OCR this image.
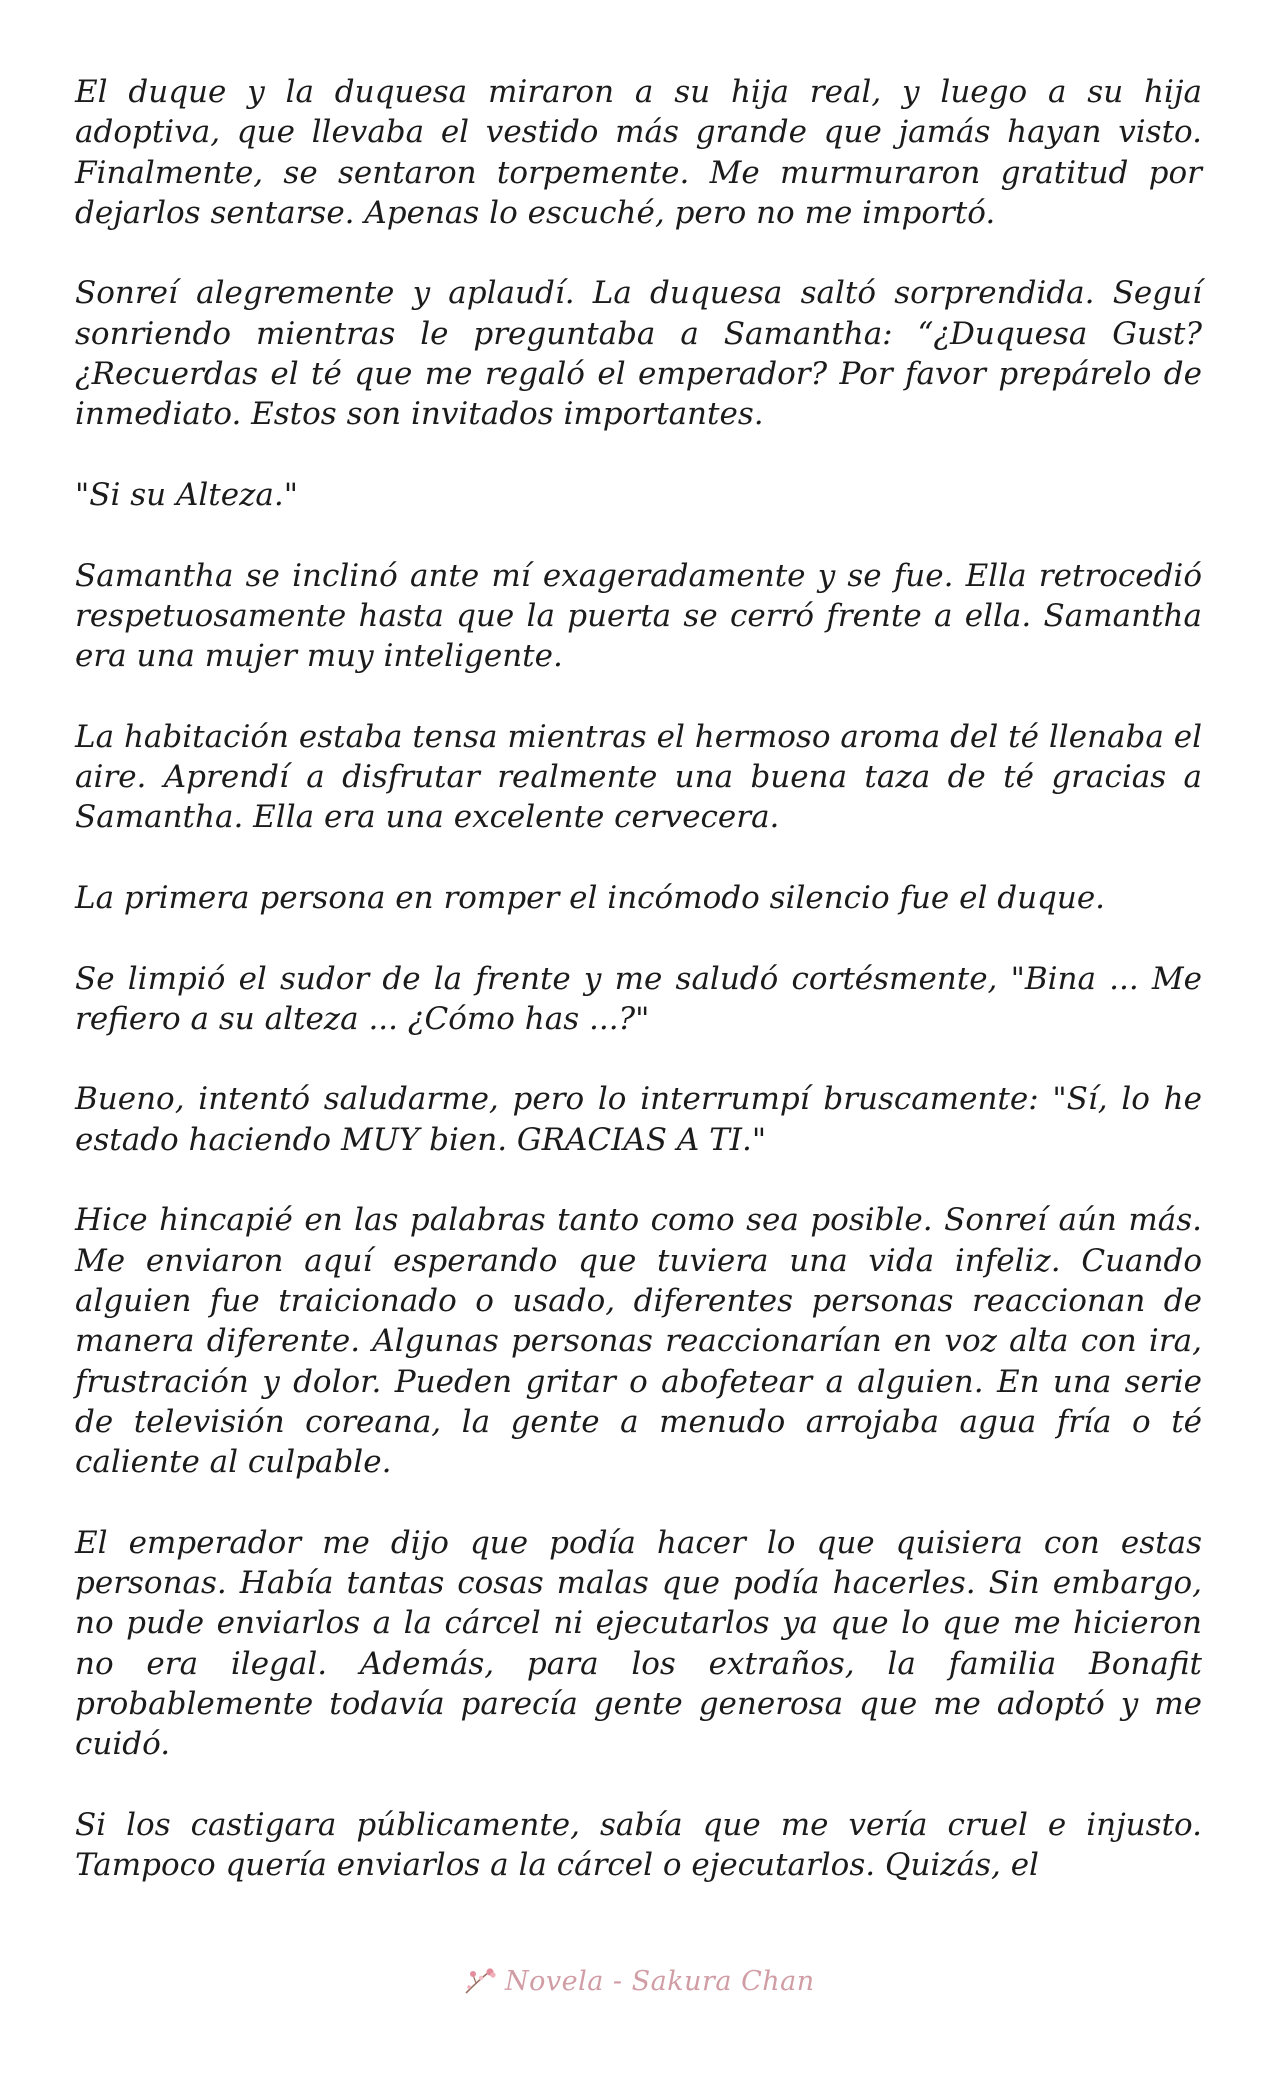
El duque y la duquesa miraron a su hija real, y luego a su hija adoptiva, que llevaba el vestido más grande que jamás hayan visto. Finalmente, se sentaron torpemente. Me murmuraron gratitud por dejarlos sentarse. Apenas lo escuché, pero no me importó.

Sonreí alegremente y aplaudí. La duquesa saltó sorprendida. Seguí sonriendo mientras le preguntaba a Samantha: “¿Duquesa Gust? ¿Recuerdas el té que me regaló el emperador? Por favor prepárelo de inmediato. Estos son invitados importantes.

"Si su Alteza."

Samantha se inclinó ante mí exageradamente y se fue. Ella retrocedió respetuosamente hasta que la puerta se cerró frente a ella. Samantha era una mujer muy inteligente.

La habitación estaba tensa mientras el hermoso aroma del té llenaba el aire. Aprendí a disfrutar realmente una buena taza de té gracias a Samantha. Ella era una excelente cervecera.

La primera persona en romper el incómodo silencio fue el duque.

Se limpió el sudor de la frente y me saludó cortésmente, "Bina ... Me refiero a su alteza ... ¿Cómo has ...?"

Bueno, intentó saludarme, pero lo interrumpí bruscamente: "Sí, lo he estado haciendo MUY bien. GRACIAS A TI."

Hice hincapié en las palabras tanto como sea posible. Sonreí aún más. Me enviaron aquí esperando que tuviera una vida infeliz. Cuando alguien fue traicionado o usado, diferentes personas reaccionan de manera diferente. Algunas personas reaccionarían en voz alta con ira, frustración y dolor. Pueden gritar o abofetear a alguien. En una serie de televisión coreana, la gente a menudo arrojaba agua fría o té caliente al culpable.

El emperador me dijo que podía hacer lo que quisiera con estas personas. Había tantas cosas malas que podía hacerles. Sin embargo, no pude enviarlos a la cárcel ni ejecutarlos ya que lo que me hicieron no era ilegal. Además, para los extraños, la familia Bonafit probablemente todavía parecía gente generosa que me adoptó y me cuidó.

Si los castigara públicamente, sabía que me vería cruel e injusto. Tampoco quería enviarlos a la cárcel o ejecutarlos. Quizás, el

Novela - Sakura Chan
